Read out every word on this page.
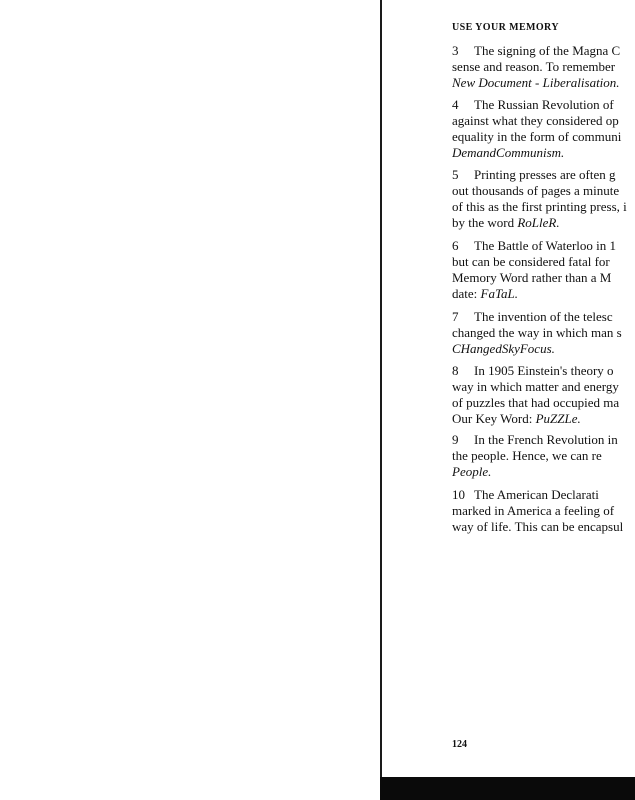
USE YOUR MEMORY
3 The signing of the Magna C
sense and reason. To remember
New Document - Liberalisation.
4 The Russian Revolution of
against what they considered op
equality in the form of communi
DemandCommunism.
5 Printing presses are often g
out thousands of pages a minute
of this as the first printing press, i
by the word RoLleR.
6 The Battle of Waterloo in 1
but can be considered fatal for
Memory Word rather than a M
date: FaTaL.
7 The invention of the telesc
changed the way in which man s
CHangedSkyFocus.
8 In 1905 Einstein's theory o
way in which matter and energy
of puzzles that had occupied ma
Our Key Word: PuZZLe.
9 In the French Revolution in
the people. Hence, we can re
People.
10 The American Declarati
marked in America a feeling of
way of life. This can be encapsul
124
